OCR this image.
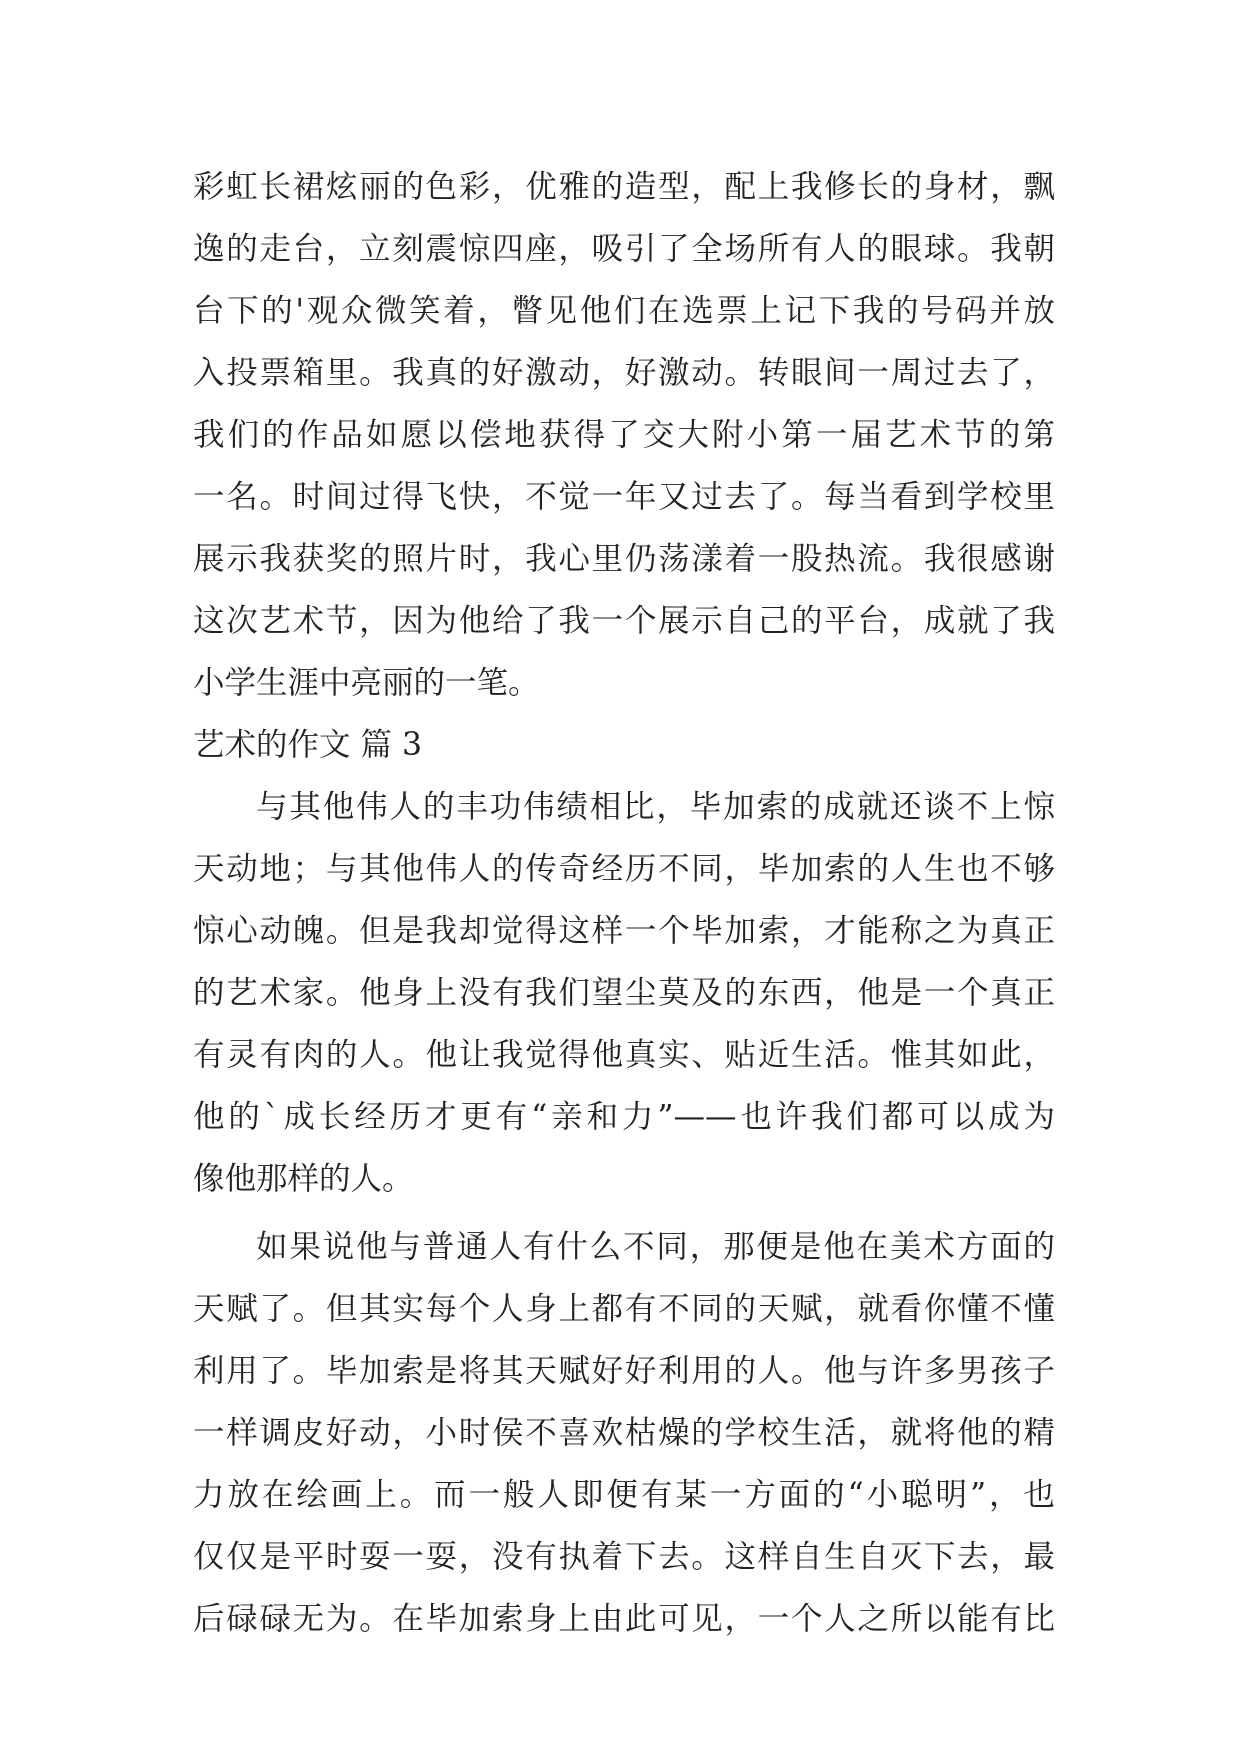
彩虹长裙炫丽的色彩，优雅的造型，配上我修长的身材，飘

逸的走台，立刻震惊四座，吸引了全场所有人的眼球。我朝

台下的'观众微笑着，瞥见他们在选票上记下我的号码并放

入投票箱里。我真的好激动，好激动。转眼间一周过去了，

我们的作品如愿以偿地获得了交大附小第一届艺术节的第

一名。时间过得飞快，不觉一年又过去了。每当看到学校里

展示我获奖的照片时，我心里仍荡漾着一股热流。我很感谢

这次艺术节，因为他给了我一个展示自己的平台，成就了我

小学生涯中亮丽的一笔。

艺术的作文 篇 3

与其他伟人的丰功伟绩相比，毕加索的成就还谈不上惊

天动地；与其他伟人的传奇经历不同，毕加索的人生也不够

惊心动魄。但是我却觉得这样一个毕加索，才能称之为真正

的艺术家。他身上没有我们望尘莫及的东西，他是一个真正

有灵有肉的人。他让我觉得他真实、贴近生活。惟其如此，

他的`成长经历才更有“亲和力”——也许我们都可以成为

像他那样的人。

如果说他与普通人有什么不同，那便是他在美术方面的

天赋了。但其实每个人身上都有不同的天赋，就看你懂不懂

利用了。毕加索是将其天赋好好利用的人。他与许多男孩子

一样调皮好动，小时侯不喜欢枯燥的学校生活，就将他的精

力放在绘画上。而一般人即便有某一方面的“小聪明”，也

仅仅是平时耍一耍，没有执着下去。这样自生自灭下去，最

后碌碌无为。在毕加索身上由此可见，一个人之所以能有比
